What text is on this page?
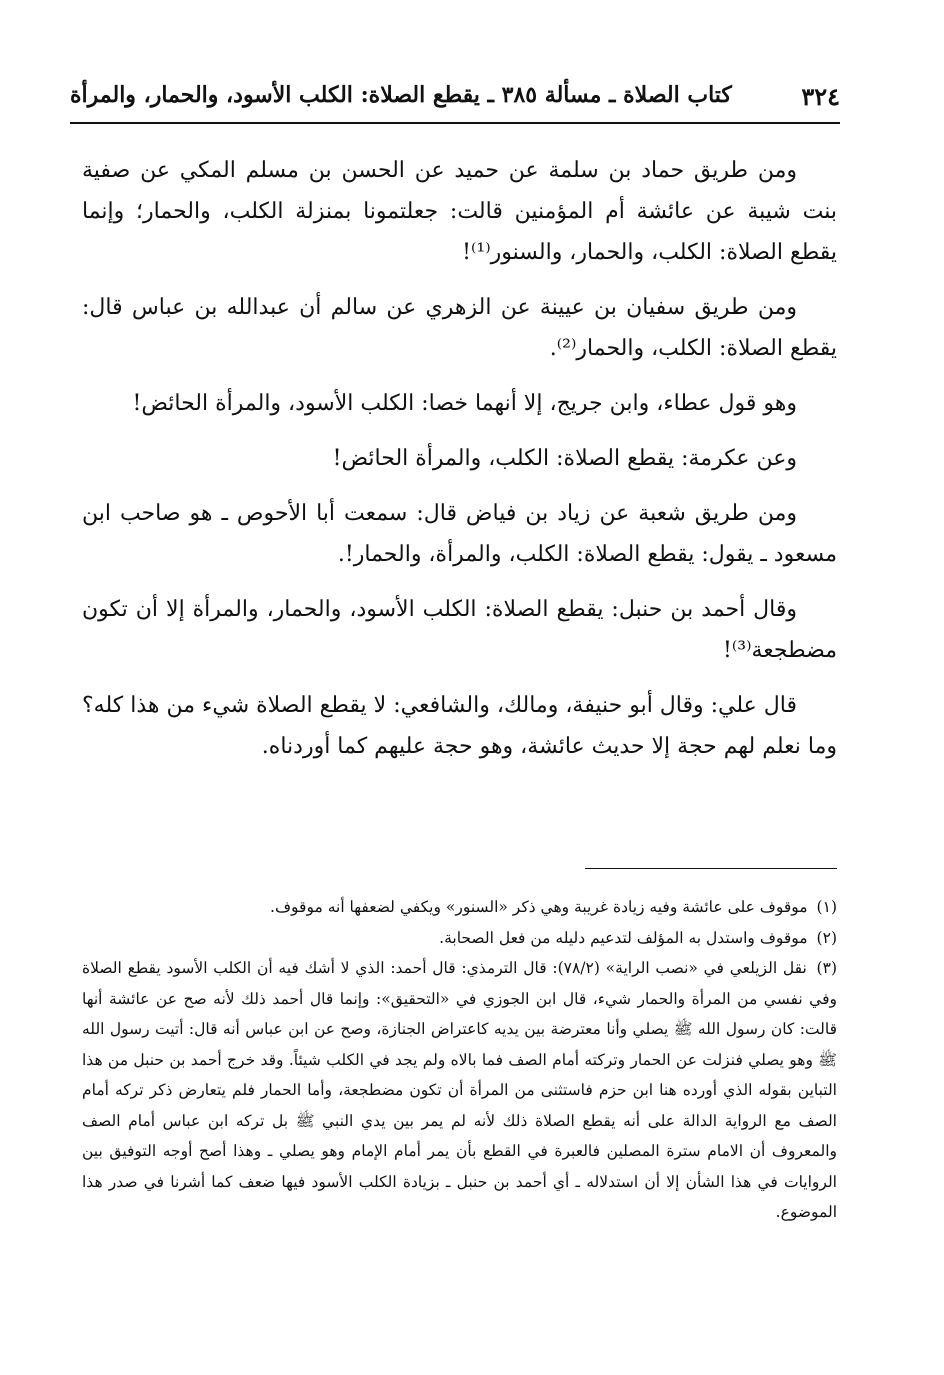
٣٢٤
كتاب الصلاة ـ مسألة ٣٨٥ ـ يقطع الصلاة: الكلب الأسود، والحمار، والمرأة

ومن طريق حماد بن سلمة عن حميد عن الحسن بن مسلم المكي عن صفية بنت شيبة عن عائشة أم المؤمنين قالت: جعلتمونا بمنزلة الكلب، والحمار؛ وإنما يقطع الصلاة: الكلب، والحمار، والسنور⁽¹⁾!

ومن طريق سفيان بن عيينة عن الزهري عن سالم أن عبدالله بن عباس قال: يقطع الصلاة: الكلب، والحمار⁽²⁾.

وهو قول عطاء، وابن جريج، إلا أنهما خصا: الكلب الأسود، والمرأة الحائض!

وعن عكرمة: يقطع الصلاة: الكلب، والمرأة الحائض!

ومن طريق شعبة عن زياد بن فياض قال: سمعت أبا الأحوص ـ هو صاحب ابن مسعود ـ يقول: يقطع الصلاة: الكلب، والمرأة، والحمار!.

وقال أحمد بن حنبل: يقطع الصلاة: الكلب الأسود، والحمار، والمرأة إلا أن تكون مضطجعة⁽³⁾!

قال علي: وقال أبو حنيفة، ومالك، والشافعي: لا يقطع الصلاة شيء من هذا كله؟ وما نعلم لهم حجة إلا حديث عائشة، وهو حجة عليهم كما أوردناه.

(١) موقوف على عائشة وفيه زيادة غريبة وهي ذكر «السنور» ويكفي لضعفها أنه موقوف.

(٢) موقوف واستدل به المؤلف لتدعيم دليله من فعل الصحابة.

(٣) نقل الزيلعي في «نصب الراية» (٧٨/٢): قال الترمذي: قال أحمد: الذي لا أشك فيه أن الكلب الأسود يقطع الصلاة وفي نفسي من المرأة والحمار شيء، قال ابن الجوزي في «التحقيق»: وإنما قال أحمد ذلك لأنه صح عن عائشة أنها قالت: كان رسول الله ﷺ يصلي وأنا معترضة بين يديه كاعتراض الجنازة، وصح عن ابن عباس أنه قال: أتيت رسول الله ﷺ وهو يصلي فنزلت عن الحمار وتركته أمام الصف فما بالاه ولم يجد في الكلب شيئاً. وقد خرج أحمد بن حنبل من هذا التباين بقوله الذي أورده هنا ابن حزم فاستثنى من المرأة أن تكون مضطجعة، وأما الحمار فلم يتعارض ذكر تركه أمام الصف مع الرواية الدالة على أنه يقطع الصلاة ذلك لأنه لم يمر بين يدي النبي ﷺ بل تركه ابن عباس أمام الصف والمعروف أن الامام سترة المصلين فالعبرة في القطع بأن يمر أمام الإمام وهو يصلي ـ وهذا أصح أوجه التوفيق بين الروايات في هذا الشأن إلا أن استدلاله ـ أي أحمد بن حنبل ـ بزيادة الكلب الأسود فيها ضعف كما أشرنا في صدر هذا الموضوع.
